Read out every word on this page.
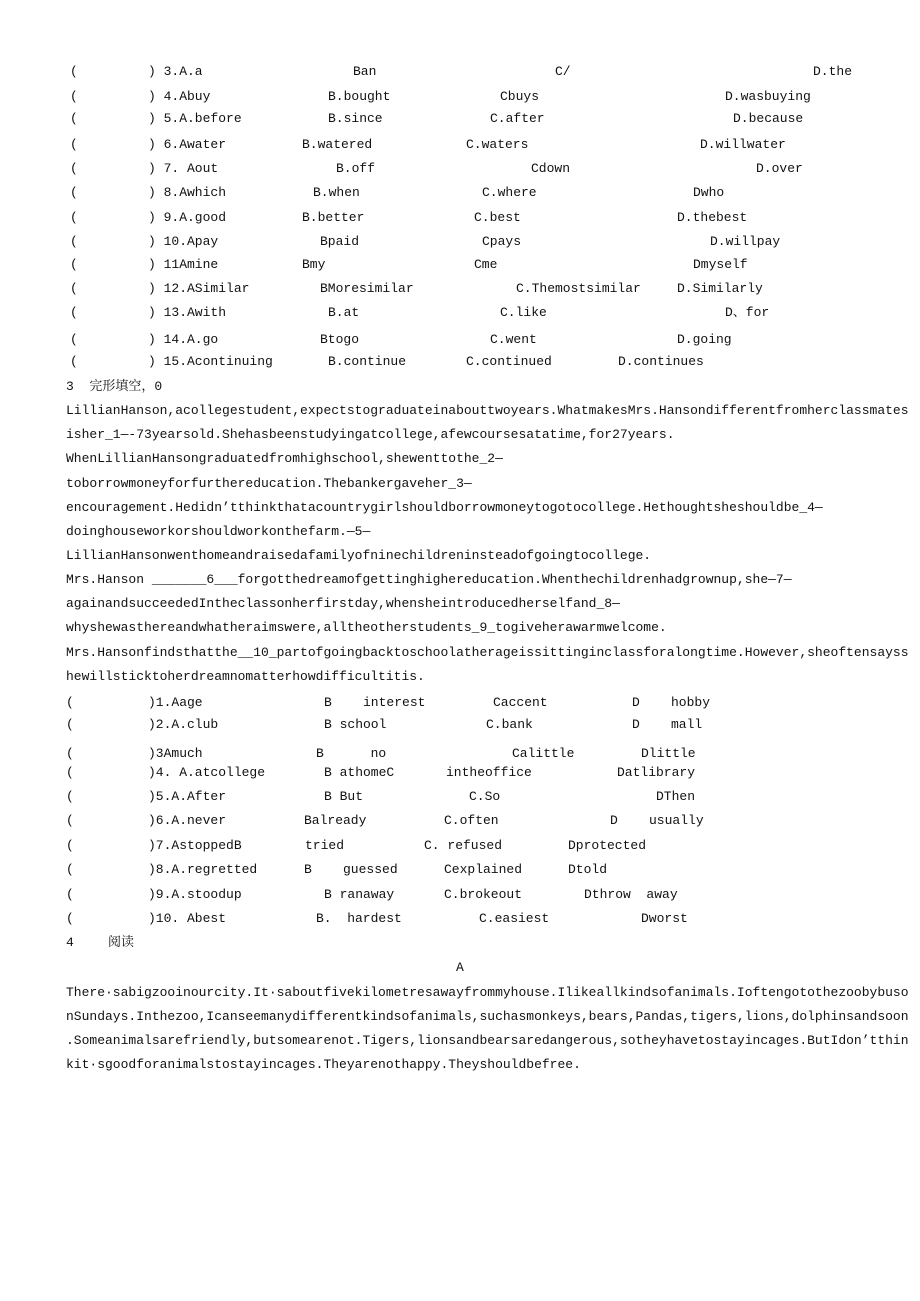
(	) 3.A.a	Ban	C/	D.the
(	) 4.Abuy	B.bought	Cbuys	D.wasbuying
(	) 5.A.before	B.since	C.after	D.because
(	) 6.Awater	B.watered	C.waters	D.willwater
(	) 7. Aout	B.off	Cdown	D.over
(	) 8.Awhich	B.when	C.where	Dwho
(	) 9.A.good	B.better	C.best	D.thebest
(	) 10.Apay	Bpaid	Cpays	D.willpay
(	) 11Amine	Bmy	Cme	Dmyself
(	) 12.ASimilar	BMoresimilar	C.Themostsimilar	D.Similarly
(	) 13.Awith	B.at	C.like	D、for
(	) 14.A.go	Btogo	C.went	D.going
(	) 15.Acontinuing	B.continue	C.continued	D.continues
3  完形填空，0
LillianHanson,acollegestudent,expectstograduateinabouttwoyears.WhatmakesMrs.Hansondifferentfromherclassmates
isher_1—-73yearsold.Shehasbeenstudyingatcollege,afewcoursesatatime,for27years.
WhenLillianHansongraduatedfromhighschool,shewenttothe_2—
toborrowmoneyforfurthereducation.Thebankergaveher_3—
encouragement.Hedidn’tthinkthatacountrygirlshouldborrowmoneytogotocollege.Hethoughtsheshouldbe_4—
doinghouseworkorshouldworkonthefarm.—5—
LillianHansonwenthomeandraisedafamilyofninechildreninsteadofgoingtocollege.
Mrs.Hanson _______6___forgotthedreamofgettinghighereducation.Whenthechildrenhadgrownup,she—7—
againandsucceededIntheclassonherfirstday,whensheintroducedherselfand_8—
whyshewasthereandwhatheraimswere,alltheotherstudents_9_togiveherawarmwelcome.
Mrs.Hansonfindsthatthe__10_partofgoingbacktoschoolatherageissittinginclassforalongtime.However,sheoftensayss
hewillsticktoherdreamnomatterhowdifficultitis.
(	)1.Aage	B    interest	Caccent	D    hobby
(	)2.A.club	B school	C.bank	D    mall
(	)3Amuch	B      no	Calittle	Dlittle
(	)4. A.atcollege	B athomeC	intheoffice	Datlibrary
(	)5.A.After	B But	C.So	DThen
(	)6.A.never	Balready	C.often	D    usually
(	)7.AstoppedB	tried	C. refused	Dprotected
(	)8.A.regretted	B    guessed	Cexplained	Dtold
(	)9.A.stoodup	B ranaway	C.brokeout	Dthrow  away
(	)10. Abest	B.  hardest	C.easiest	Dworst
4	阅读
A
There·sabigzooinourcity.It·saboutfivekilometresawayfrommyhouse.Ilikeallkindsofanimals.Ioftengotothezoobybuso
nSundays.Inthezoo,Icanseemanydifferentkindsofanimals,suchasmonkeys,bears,Pandas,tigers,lions,dolphinsandsoon
.Someanimalsarefriendly,butsomearenot.Tigers,lionsandbearsaredangerous,sotheyhavetostayincages.ButIdon’tthin
kit·sgoodforanimalstostayincages.Theyarenothappy.Theyshouldbefree.
